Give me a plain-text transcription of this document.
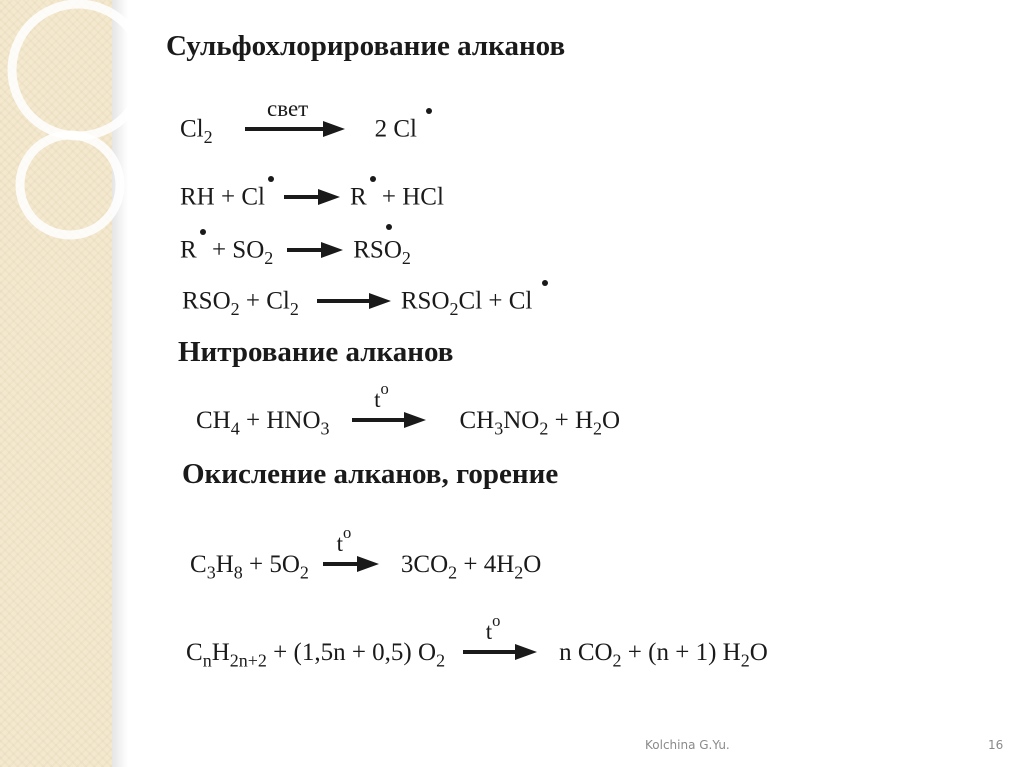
Сульфохлорирование алканов
$Cl_2$
свет
2 Cl
RH + Cl	R + HCl
$R + SO_2$	$RSO_2$
$RSO_2 + Cl_2$	$RSO_2Cl + Cl$
Нитрование алканов
$CH_4 + HNO_3$
$t^o$
$CH_3NO_2 + H_2O$
Окисление алканов, горение
$C_3H_8 + 5O_2$
$t^o$
$3CO_2 + 4H_2O$
$C_nH_{2n+2} + (1,5n + 0,5)$ $O_2$
$t^o$
n $CO_2 + (n + 1)$ $H_2O$
Kolchina G.Yu.	16
